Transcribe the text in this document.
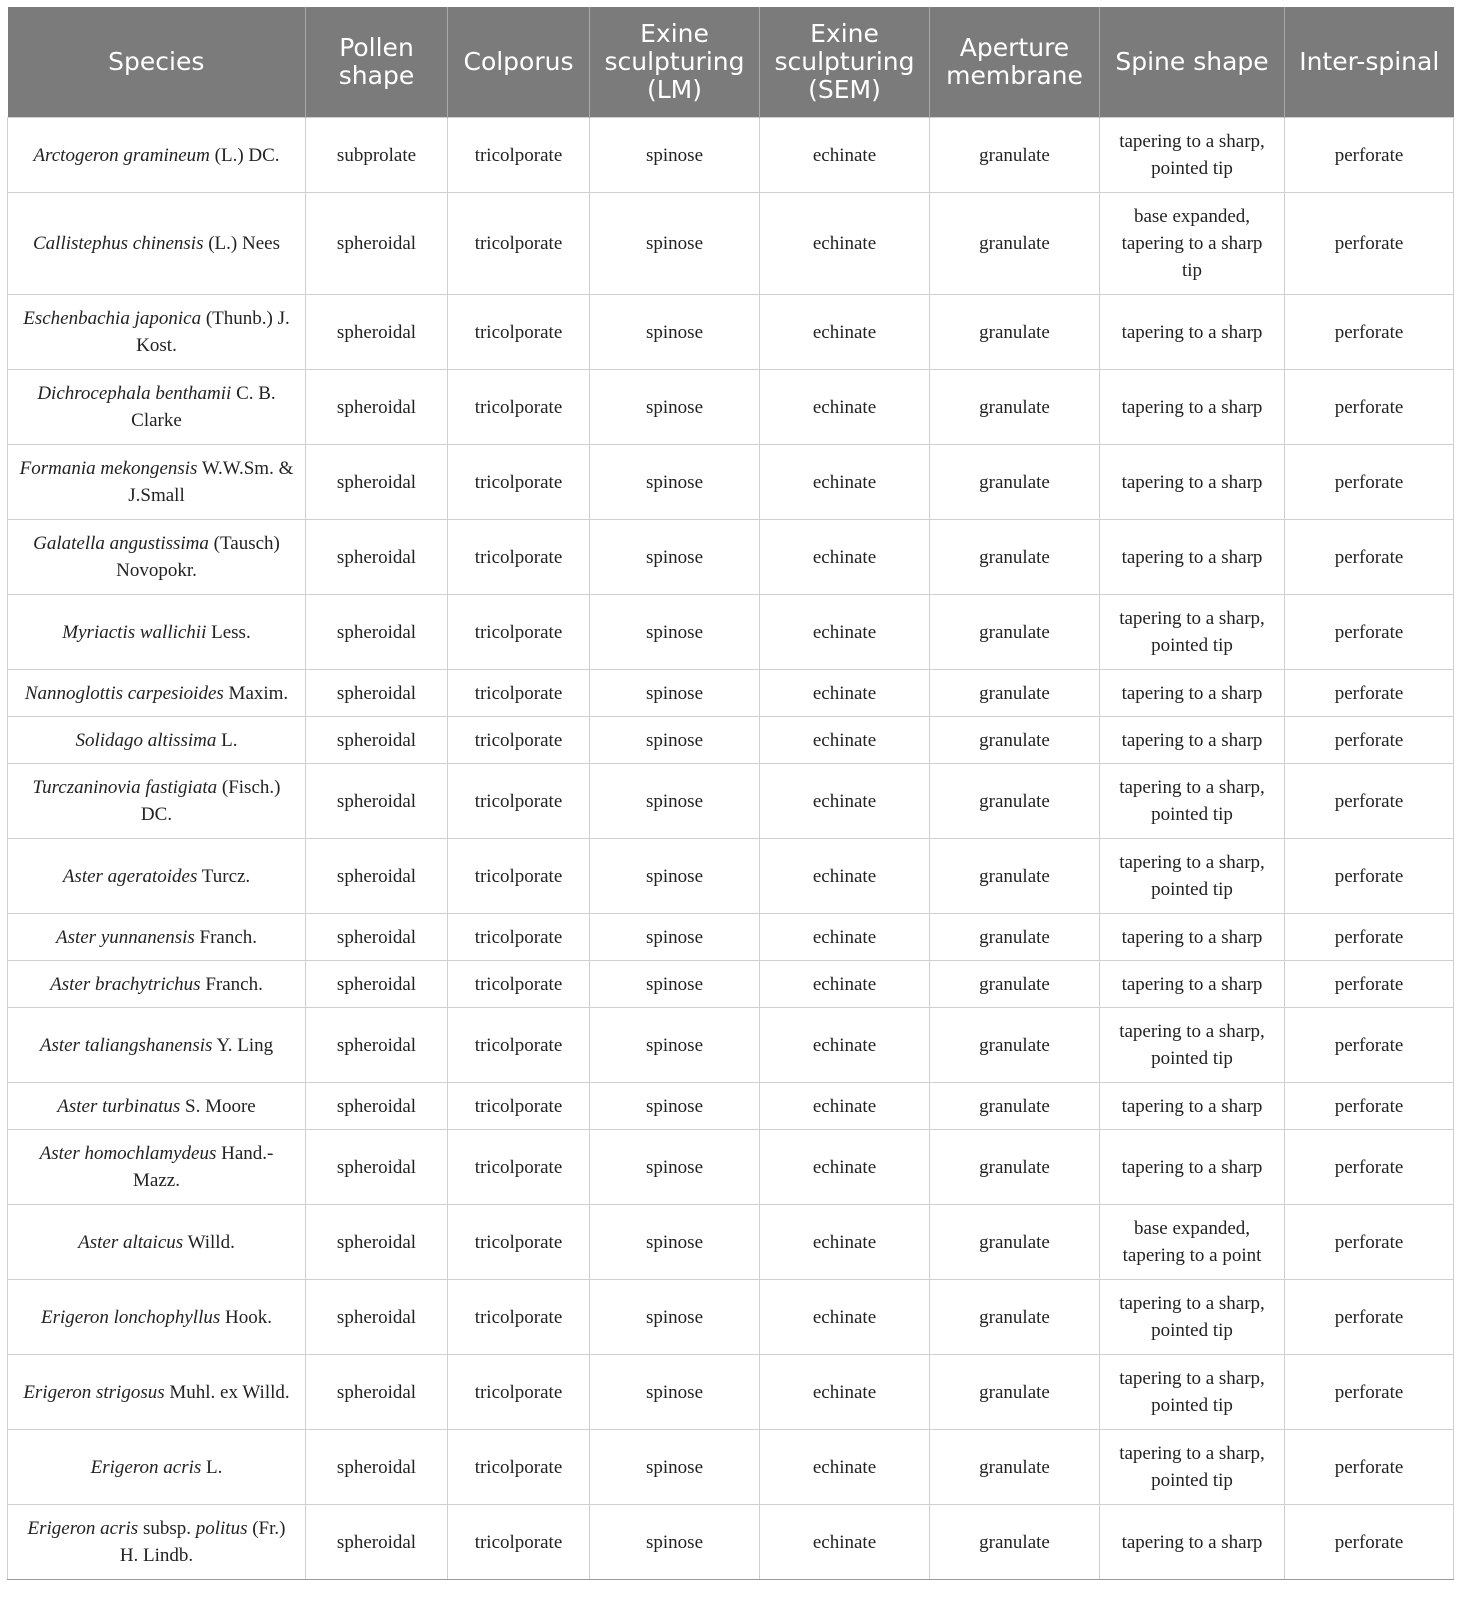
Species	Pollen shape	Colporus	Exine sculpturing (LM)	Exine sculpturing (SEM)	Aperture membrane	Spine shape	Inter-spinal
Arctogeron gramineum (L.) DC.	subprolate	tricolporate	spinose	echinate	granulate	tapering to a sharp, pointed tip	perforate
Callistephus chinensis (L.) Nees	spheroidal	tricolporate	spinose	echinate	granulate	base expanded, tapering to a sharp tip	perforate
Eschenbachia japonica (Thunb.) J. Kost.	spheroidal	tricolporate	spinose	echinate	granulate	tapering to a sharp	perforate
Dichrocephala benthamii C. B. Clarke	spheroidal	tricolporate	spinose	echinate	granulate	tapering to a sharp	perforate
Formania mekongensis W.W.Sm. & J.Small	spheroidal	tricolporate	spinose	echinate	granulate	tapering to a sharp	perforate
Galatella angustissima (Tausch) Novopokr.	spheroidal	tricolporate	spinose	echinate	granulate	tapering to a sharp	perforate
Myriactis wallichii Less.	spheroidal	tricolporate	spinose	echinate	granulate	tapering to a sharp, pointed tip	perforate
Nannoglottis carpesioides Maxim.	spheroidal	tricolporate	spinose	echinate	granulate	tapering to a sharp	perforate
Solidago altissima L.	spheroidal	tricolporate	spinose	echinate	granulate	tapering to a sharp	perforate
Turczaninovia fastigiata (Fisch.) DC.	spheroidal	tricolporate	spinose	echinate	granulate	tapering to a sharp, pointed tip	perforate
Aster ageratoides Turcz.	spheroidal	tricolporate	spinose	echinate	granulate	tapering to a sharp, pointed tip	perforate
Aster yunnanensis Franch.	spheroidal	tricolporate	spinose	echinate	granulate	tapering to a sharp	perforate
Aster brachytrichus Franch.	spheroidal	tricolporate	spinose	echinate	granulate	tapering to a sharp	perforate
Aster taliangshanensis Y. Ling	spheroidal	tricolporate	spinose	echinate	granulate	tapering to a sharp, pointed tip	perforate
Aster turbinatus S. Moore	spheroidal	tricolporate	spinose	echinate	granulate	tapering to a sharp	perforate
Aster homochlamydeus Hand.-Mazz.	spheroidal	tricolporate	spinose	echinate	granulate	tapering to a sharp	perforate
Aster altaicus Willd.	spheroidal	tricolporate	spinose	echinate	granulate	base expanded, tapering to a point	perforate
Erigeron lonchophyllus Hook.	spheroidal	tricolporate	spinose	echinate	granulate	tapering to a sharp, pointed tip	perforate
Erigeron strigosus Muhl. ex Willd.	spheroidal	tricolporate	spinose	echinate	granulate	tapering to a sharp, pointed tip	perforate
Erigeron acris L.	spheroidal	tricolporate	spinose	echinate	granulate	tapering to a sharp, pointed tip	perforate
Erigeron acris subsp. politus (Fr.) H. Lindb.	spheroidal	tricolporate	spinose	echinate	granulate	tapering to a sharp	perforate
